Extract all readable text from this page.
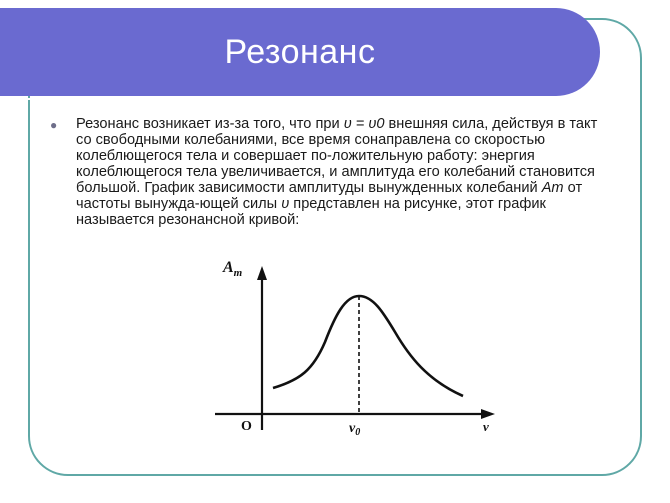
Резонанс
● Резонанс возникает из-за того, что при υ = υ0 внешняя сила, действуя в такт со свободными колебаниями, все время сонаправлена со скоростью колеблющегося тела и совершает по-ложительную работу: энергия колеблющегося тела увеличивается, и амплитуда его колебаний становится большой. График зависимости амплитуды вынужденных колебаний Am от частоты вынужда-ющей силы υ представлен на рисунке, этот график называется резонансной кривой:
$A_m$
O	$\nu_0$	ν
